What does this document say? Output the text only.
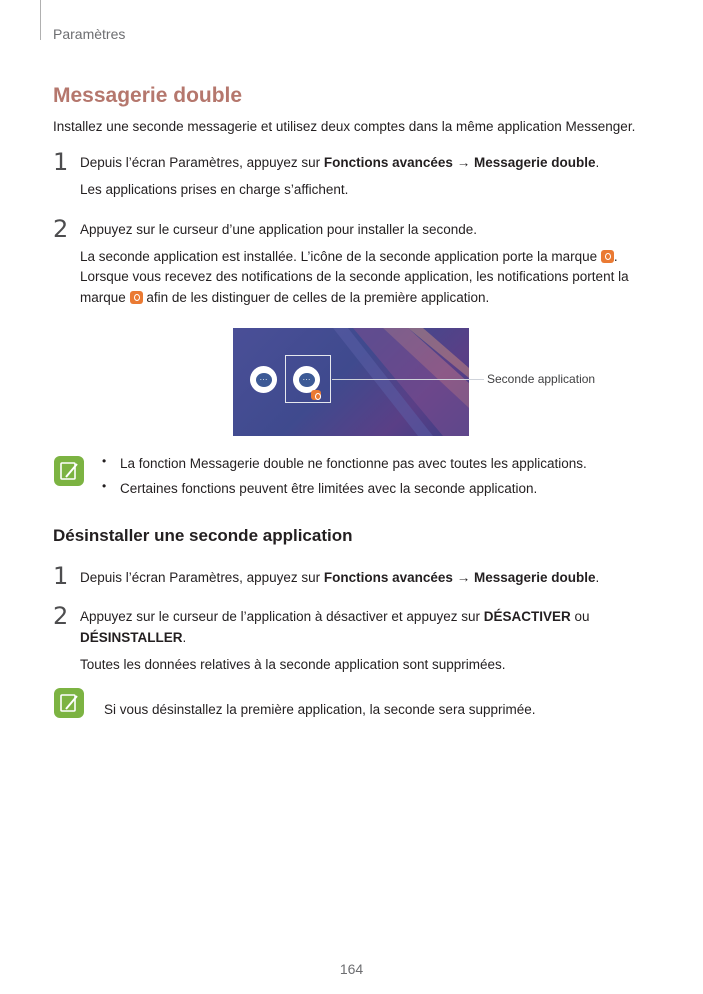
Paramètres
Messagerie double
Installez une seconde messagerie et utilisez deux comptes dans la même application Messenger.
1 Depuis l’écran Paramètres, appuyez sur Fonctions avancées → Messagerie double.
Les applications prises en charge s’affichent.
2 Appuyez sur le curseur d’une application pour installer la seconde.
La seconde application est installée. L’icône de la seconde application porte la marque .
Lorsque vous recevez des notifications de la seconde application, les notifications portent la
marque afin de les distinguer de celles de la première application.
···	···	Seconde application
• La fonction Messagerie double ne fonctionne pas avec toutes les applications.
• Certaines fonctions peuvent être limitées avec la seconde application.
Désinstaller une seconde application
1 Depuis l’écran Paramètres, appuyez sur Fonctions avancées → Messagerie double.
2 Appuyez sur le curseur de l’application à désactiver et appuyez sur DÉSACTIVER ou
DÉSINSTALLER.
Toutes les données relatives à la seconde application sont supprimées.
Si vous désinstallez la première application, la seconde sera supprimée.
164
